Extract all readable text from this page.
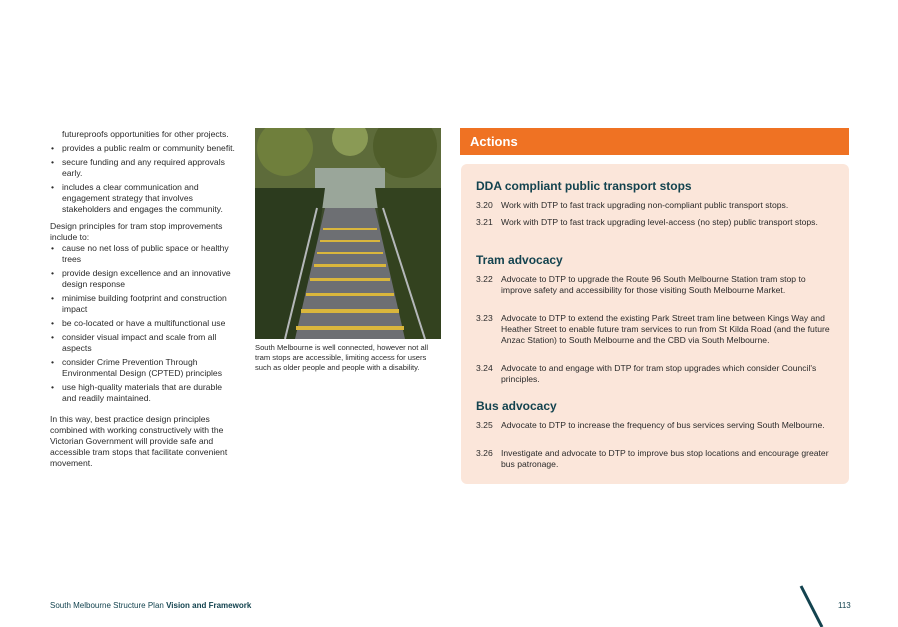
futureproofs opportunities for other projects.

• provides a public realm or community benefit.
• secure funding and any required approvals early.
• includes a clear communication and engagement strategy that involves stakeholders and engages the community.

Design principles for tram stop improvements include to:

• cause no net loss of public space or healthy trees
• provide design excellence and an innovative design response
• minimise building footprint and construction impact
• be co-located or have a multifunctional use
• consider visual impact and scale from all aspects
• consider Crime Prevention Through Environmental Design (CPTED) principles
• use high-quality materials that are durable and readily maintained.

In this way, best practice design principles combined with working constructively with the Victorian Government will provide safe and accessible tram stops that facilitate convenient movement.

South Melbourne is well connected, however not all tram stops are accessible, limiting access for users such as older people and people with a disability.

Actions
DDA compliant public transport stops
3.20 Work with DTP to fast track upgrading non-compliant public transport stops.
3.21 Work with DTP to fast track upgrading level-access (no step) public transport stops.
Tram advocacy
3.22 Advocate to DTP to upgrade the Route 96 South Melbourne Station tram stop to improve safety and accessibility for those visiting South Melbourne Market.
3.23 Advocate to DTP to extend the existing Park Street tram line between Kings Way and Heather Street to enable future tram services to run from St Kilda Road (and the future Anzac Station) to South Melbourne and the CBD via South Melbourne.
3.24 Advocate to and engage with DTP for tram stop upgrades which consider Council's principles.
Bus advocacy
3.25 Advocate to DTP to increase the frequency of bus services serving South Melbourne.
3.26 Investigate and advocate to DTP to improve bus stop locations and encourage greater bus patronage.
South Melbourne Structure Plan Vision and Framework	113
